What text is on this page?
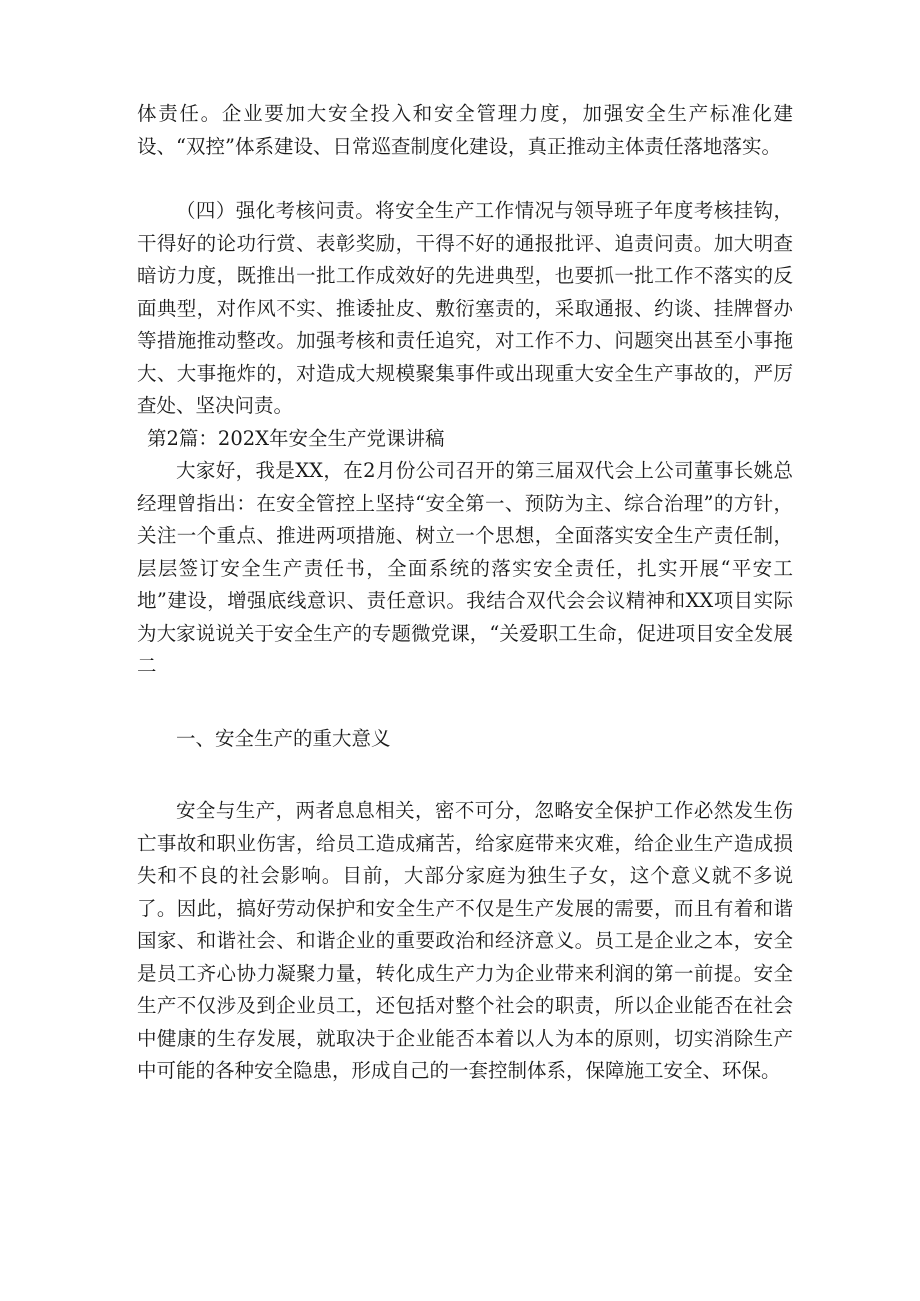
体责任。企业要加大安全投入和安全管理力度，加强安全生产标准化建设、“双控”体系建设、日常巡查制度化建设，真正推动主体责任落地落实。

（四）强化考核问责。将安全生产工作情况与领导班子年度考核挂钩，干得好的论功行赏、表彰奖励，干得不好的通报批评、追责问责。加大明查暗访力度，既推出一批工作成效好的先进典型，也要抓一批工作不落实的反面典型，对作风不实、推诿扯皮、敷衍塞责的，采取通报、约谈、挂牌督办等措施推动整改。加强考核和责任追究，对工作不力、问题突出甚至小事拖大、大事拖炸的，对造成大规模聚集事件或出现重大安全生产事故的，严厉查处、坚决问责。

第2篇：202X年安全生产党课讲稿

大家好，我是XX，在2月份公司召开的第三届双代会上公司董事长姚总经理曾指出：在安全管控上坚持“安全第一、预防为主、综合治理”的方针，关注一个重点、推进两项措施、树立一个思想，全面落实安全生产责任制，层层签订安全生产责任书，全面系统的落实安全责任，扎实开展“平安工地”建设，增强底线意识、责任意识。我结合双代会会议精神和XX项目实际为大家说说关于安全生产的专题微党课，“关爱职工生命，促进项目安全发展二

一、安全生产的重大意义

安全与生产，两者息息相关，密不可分，忽略安全保护工作必然发生伤亡事故和职业伤害，给员工造成痛苦，给家庭带来灾难，给企业生产造成损失和不良的社会影响。目前，大部分家庭为独生子女，这个意义就不多说了。因此，搞好劳动保护和安全生产不仅是生产发展的需要，而且有着和谐国家、和谐社会、和谐企业的重要政治和经济意义。员工是企业之本，安全是员工齐心协力凝聚力量，转化成生产力为企业带来利润的第一前提。安全生产不仅涉及到企业员工，还包括对整个社会的职责，所以企业能否在社会中健康的生存发展，就取决于企业能否本着以人为本的原则，切实消除生产中可能的各种安全隐患，形成自己的一套控制体系，保障施工安全、环保。
